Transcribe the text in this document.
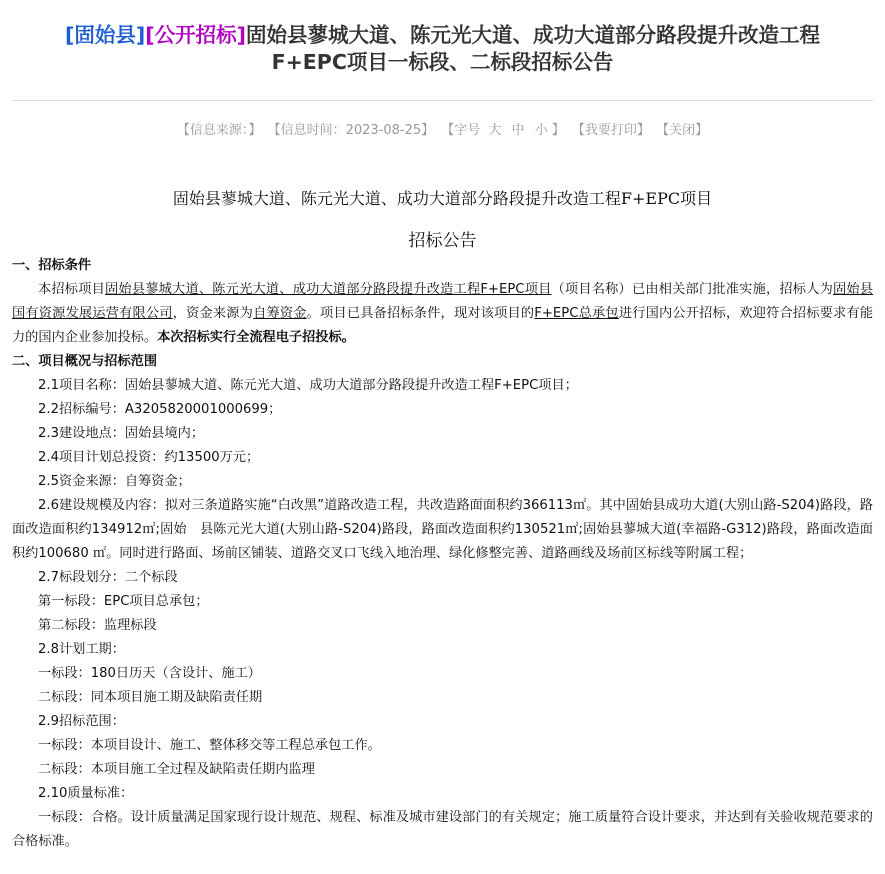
[固始县][公开招标]固始县蓼城大道、陈元光大道、成功大道部分路段提升改造工程
F+EPC项目一标段、二标段招标公告
【信息来源：】 【信息时间：2023-08-25】 【字号 大 中 小 】 【我要打印】 【关闭】
固始县蓼城大道、陈元光大道、成功大道部分路段提升改造工程F+EPC项目
招标公告
一、招标条件
本招标项目固始县蓼城大道、陈元光大道、成功大道部分路段提升改造工程F+EPC项目（项目名称）已由相关部门批准实施，招标人为固始县国有资源发展运营有限公司，资金来源为自筹资金。项目已具备招标条件，现对该项目的F+EPC总承包进行国内公开招标，欢迎符合招标要求有能力的国内企业参加投标。本次招标实行全流程电子招投标。
二、项目概况与招标范围
2.1项目名称：固始县蓼城大道、陈元光大道、成功大道部分路段提升改造工程F+EPC项目；
2.2招标编号：A3205820001000699；
2.3建设地点：固始县境内；
2.4项目计划总投资：约13500万元；
2.5资金来源：自筹资金；
2.6建设规模及内容：拟对三条道路实施“白改黑”道路改造工程，共改造路面面积约366113㎡。其中固始县成功大道(大别山路-S204)路段，路面改造面积约134912㎡;固始　县陈元光大道(大别山路-S204)路段，路面改造面积约130521㎡;固始县蓼城大道(幸福路-G312)路段，路面改造面积约100680 ㎡。同时进行路面、场前区铺装、道路交叉口飞线入地治理、绿化修整完善、道路画线及场前区标线等附属工程；
2.7标段划分：二个标段
第一标段：EPC项目总承包；
第二标段：监理标段
2.8计划工期：
一标段：180日历天（含设计、施工）
二标段：同本项目施工期及缺陷责任期
2.9招标范围：
一标段：本项目设计、施工、整体移交等工程总承包工作。
二标段：本项目施工全过程及缺陷责任期内监理
2.10质量标准：
一标段：合格。设计质量满足国家现行设计规范、规程、标准及城市建设部门的有关规定；施工质量符合设计要求，并达到有关验收规范要求的合格标准。
